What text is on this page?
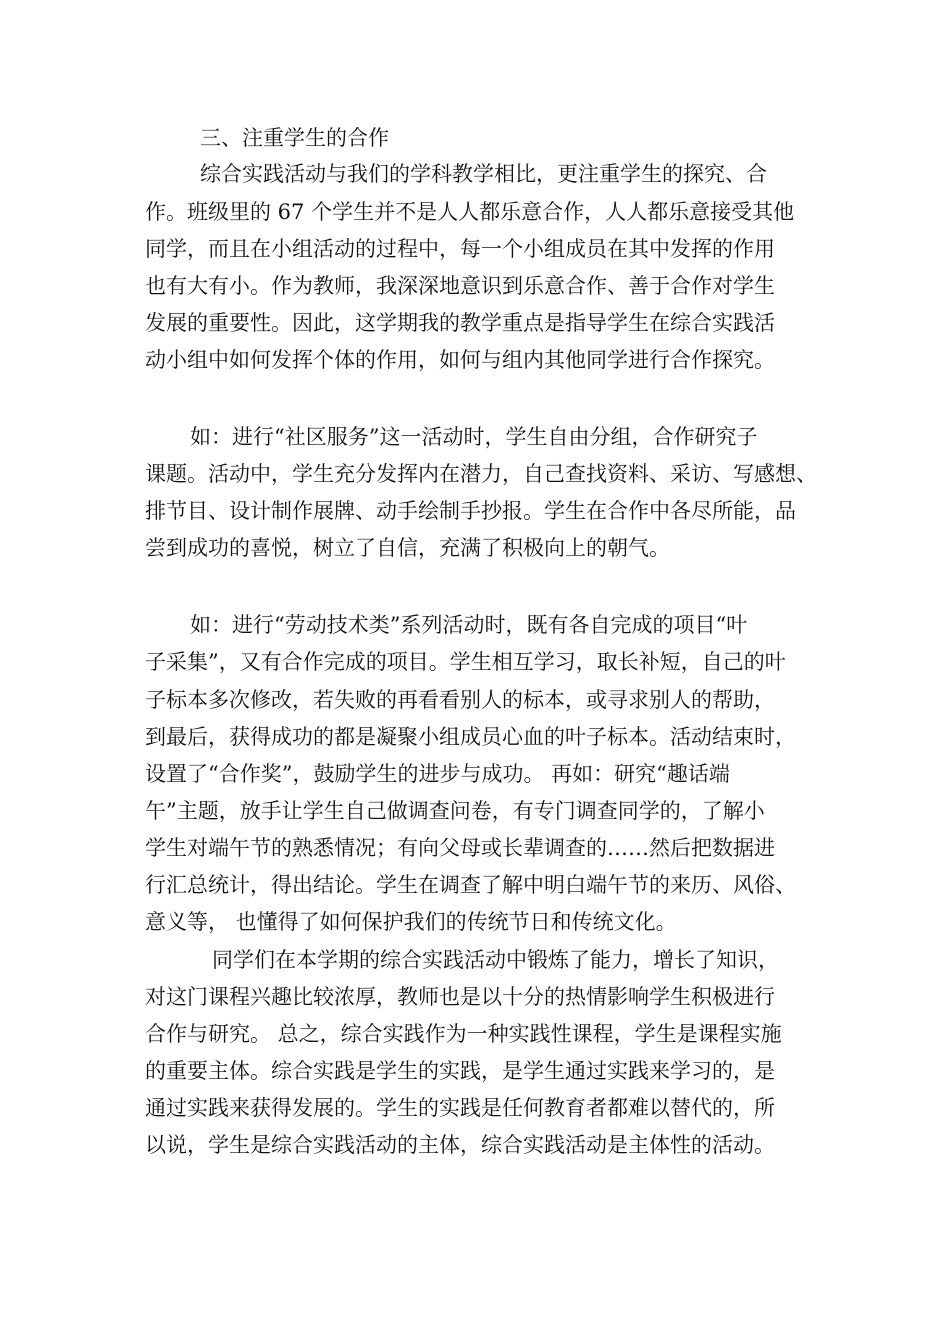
三、注重学生的合作
综合实践活动与我们的学科教学相比，更注重学生的探究、合
作。班级里的 67 个学生并不是人人都乐意合作，人人都乐意接受其他
同学，而且在小组活动的过程中，每一个小组成员在其中发挥的作用
也有大有小。作为教师，我深深地意识到乐意合作、善于合作对学生
发展的重要性。因此，这学期我的教学重点是指导学生在综合实践活
动小组中如何发挥个体的作用，如何与组内其他同学进行合作探究。
如：进行“社区服务”这一活动时，学生自由分组，合作研究子
课题。活动中，学生充分发挥内在潜力，自己查找资料、采访、写感想、
排节目、设计制作展牌、动手绘制手抄报。学生在合作中各尽所能，品
尝到成功的喜悦，树立了自信，充满了积极向上的朝气。
如：进行“劳动技术类”系列活动时，既有各自完成的项目“叶
子采集”，又有合作完成的项目。学生相互学习，取长补短，自己的叶
子标本多次修改，若失败的再看看别人的标本，或寻求别人的帮助，
到最后，获得成功的都是凝聚小组成员心血的叶子标本。活动结束时，
设置了“合作奖”，鼓励学生的进步与成功。 再如：研究“趣话端
午”主题，放手让学生自己做调查问卷，有专门调查同学的，了解小
学生对端午节的熟悉情况；有向父母或长辈调查的……然后把数据进
行汇总统计，得出结论。学生在调查了解中明白端午节的来历、风俗、
意义等， 也懂得了如何保护我们的传统节日和传统文化。
同学们在本学期的综合实践活动中锻炼了能力，增长了知识，
对这门课程兴趣比较浓厚，教师也是以十分的热情影响学生积极进行
合作与研究。 总之，综合实践作为一种实践性课程，学生是课程实施
的重要主体。综合实践是学生的实践，是学生通过实践来学习的，是
通过实践来获得发展的。学生的实践是任何教育者都难以替代的，所
以说，学生是综合实践活动的主体，综合实践活动是主体性的活动。
